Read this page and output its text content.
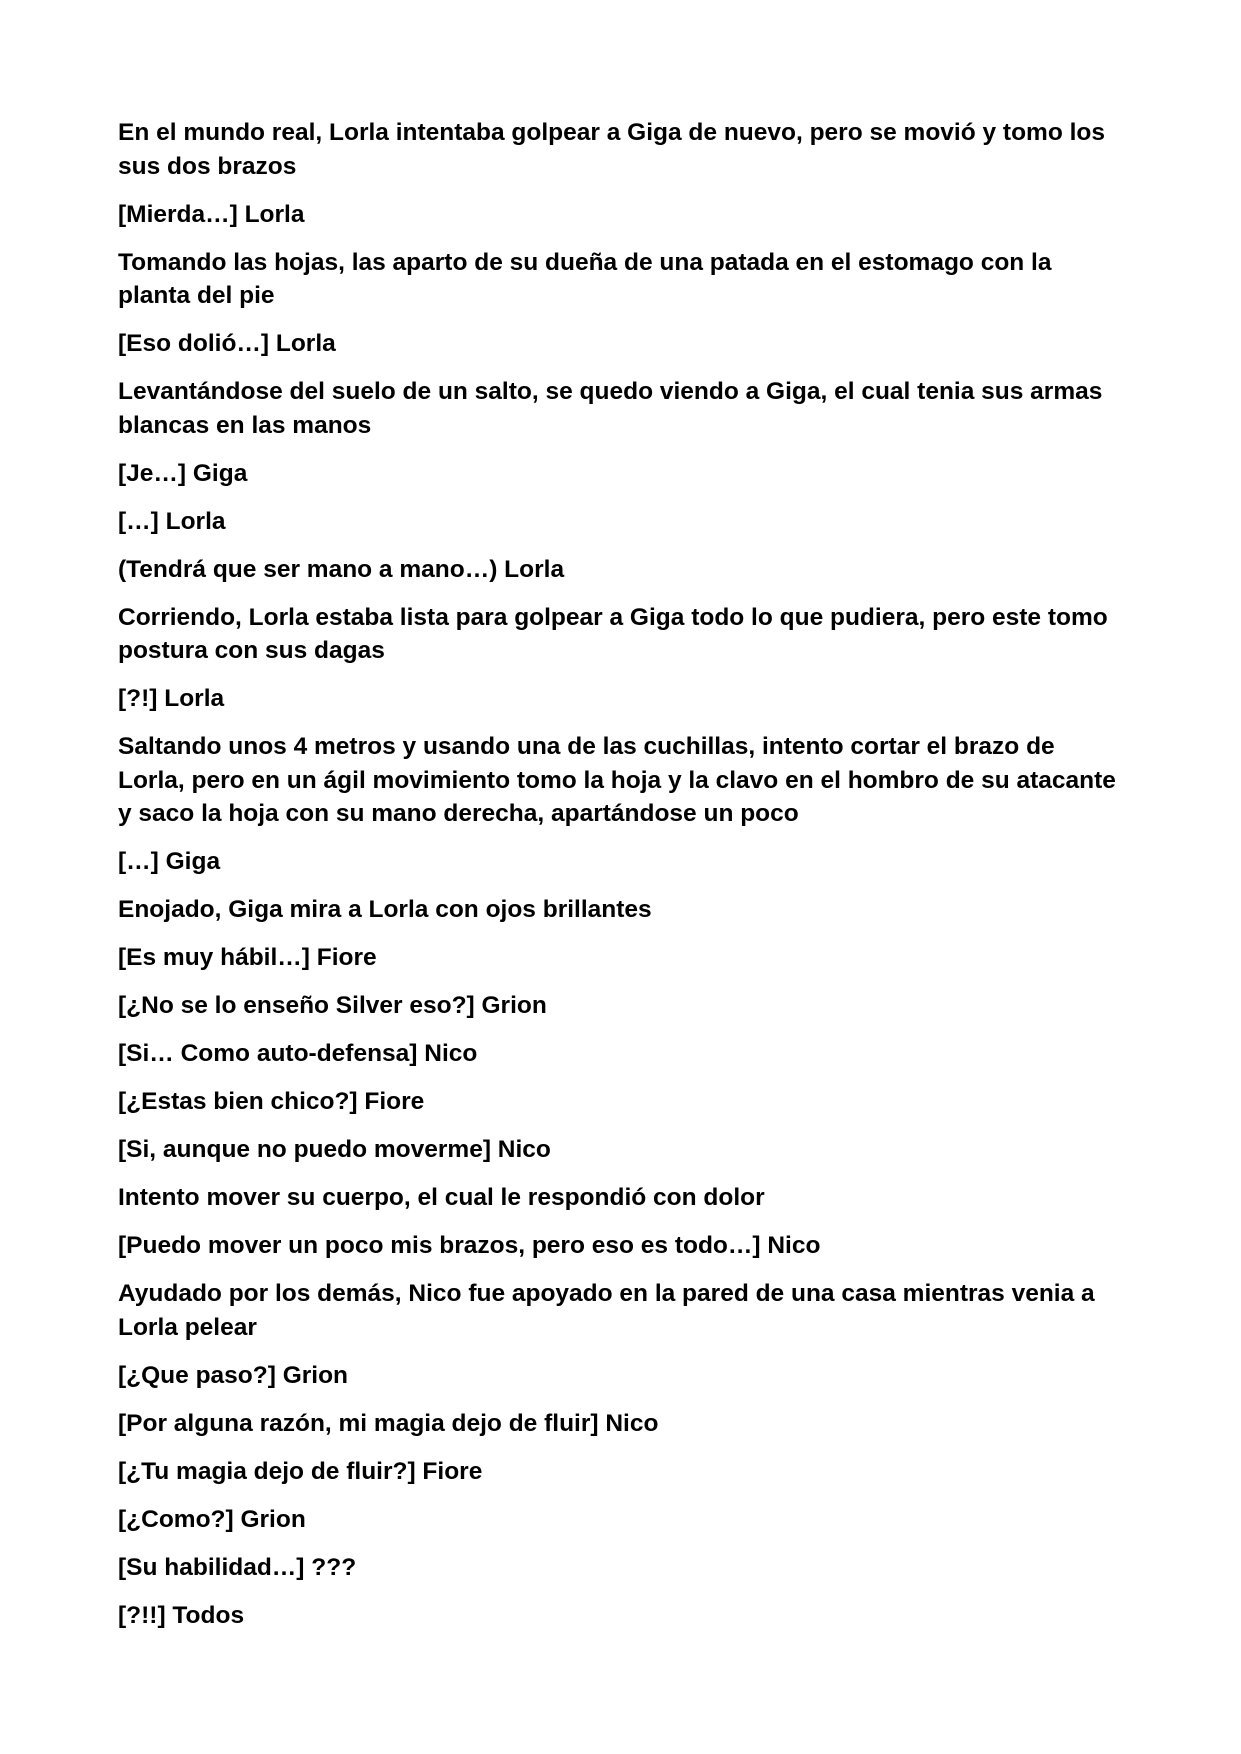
En el mundo real, Lorla intentaba golpear a Giga de nuevo, pero se movió y tomo los sus dos brazos

[Mierda…] Lorla

Tomando las hojas, las aparto de su dueña de una patada en el estomago con la planta del pie

[Eso dolió…] Lorla

Levantándose del suelo de un salto, se quedo viendo a Giga, el cual tenia sus armas blancas en las manos

[Je…] Giga

[…] Lorla

(Tendrá que ser mano a mano…) Lorla

Corriendo, Lorla estaba lista para golpear a Giga todo lo que pudiera, pero este tomo postura con sus dagas

[?!] Lorla

Saltando unos 4 metros y usando una de las cuchillas, intento cortar el brazo de Lorla, pero en un ágil movimiento tomo la hoja y la clavo en el hombro de su atacante y saco la hoja con su mano derecha, apartándose un poco

[…] Giga

Enojado, Giga mira a Lorla con ojos brillantes

[Es muy hábil…] Fiore

[¿No se lo enseño Silver eso?] Grion

[Si… Como auto-defensa] Nico

[¿Estas bien chico?] Fiore

[Si, aunque no puedo moverme] Nico

Intento mover su cuerpo, el cual le respondió con dolor

[Puedo mover un poco mis brazos, pero eso es todo…] Nico

Ayudado por los demás, Nico fue apoyado en la pared de una casa mientras venia a Lorla pelear

[¿Que paso?] Grion

[Por alguna razón, mi magia dejo de fluir] Nico

[¿Tu magia dejo de fluir?] Fiore

[¿Como?] Grion

[Su habilidad…] ???

[?!!] Todos
